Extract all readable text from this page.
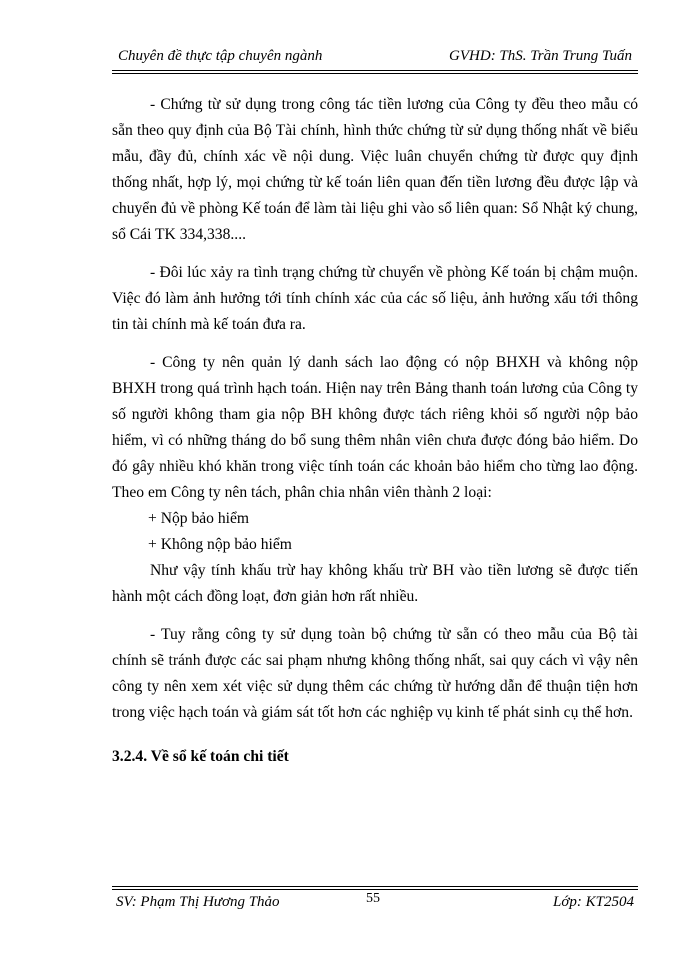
Chuyên đề thực tập chuyên ngành	GVHD: ThS. Trần Trung Tuấn

- Chứng từ sử dụng trong công tác tiền lương của Công ty đều theo mẫu có sẵn theo quy định của Bộ Tài chính, hình thức chứng từ sử dụng thống nhất về biểu mẫu, đầy đủ, chính xác về nội dung. Việc luân chuyển chứng từ được quy định thống nhất, hợp lý, mọi chứng từ kế toán liên quan đến tiền lương đều được lập và chuyển đủ về phòng Kế toán để làm tài liệu ghi vào sổ liên quan: Sổ Nhật ký chung, sổ Cái TK 334,338....

- Đôi lúc xảy ra tình trạng chứng từ chuyển về phòng Kế toán bị chậm muộn. Việc đó làm ảnh hưởng tới tính chính xác của các số liệu, ảnh hưởng xấu tới thông tin tài chính mà kế toán đưa ra.

- Công ty nên quản lý danh sách lao động có nộp BHXH và không nộp BHXH trong quá trình hạch toán. Hiện nay trên Bảng thanh toán lương của Công ty số người không tham gia nộp BH không được tách riêng khỏi số người nộp bảo hiểm, vì có những tháng do bổ sung thêm nhân viên chưa được đóng bảo hiểm. Do đó gây nhiều khó khăn trong việc tính toán các khoản bảo hiểm cho từng lao động. Theo em Công ty nên tách, phân chia nhân viên thành 2 loại:

+ Nộp bảo hiểm

+ Không nộp bảo hiểm

Như vậy tính khấu trừ hay không khấu trừ BH vào tiền lương sẽ được tiến hành một cách đồng loạt, đơn giản hơn rất nhiều.

- Tuy rằng công ty sử dụng toàn bộ chứng từ sẵn có theo mẫu của Bộ tài chính sẽ tránh được các sai phạm nhưng không thống nhất, sai quy cách vì vậy nên công ty nên xem xét việc sử dụng thêm các chứng từ hướng dẫn để thuận tiện hơn trong việc hạch toán và giám sát tốt hơn các nghiệp vụ kinh tế phát sinh cụ thể hơn.

3.2.4. Về sổ kế toán chi tiết

SV: Phạm Thị Hương Thảo	55	Lớp: KT2504
